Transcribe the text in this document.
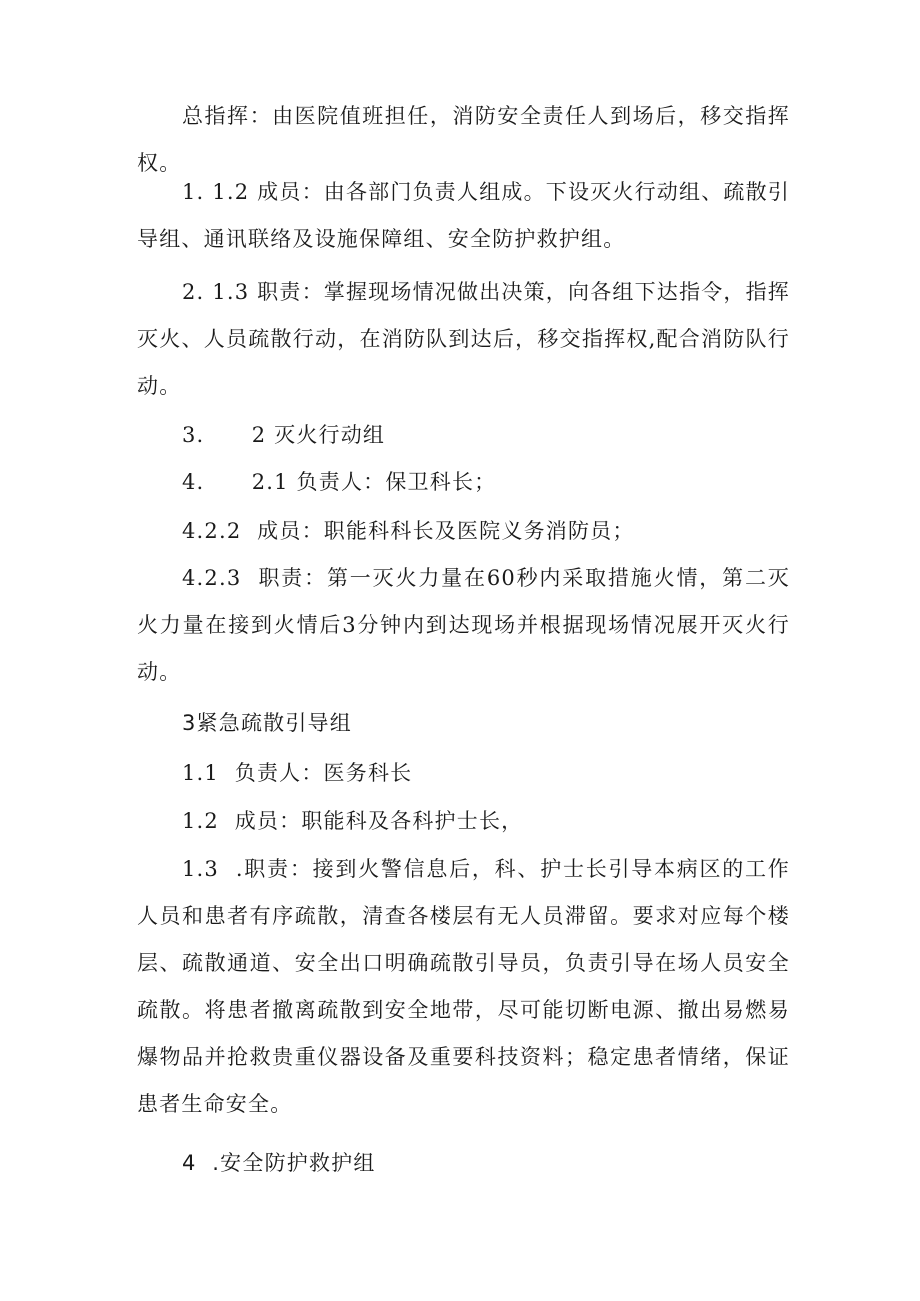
总指挥：由医院值班担任，消防安全责任人到场后，移交指挥权。

1. 1.2 成员：由各部门负责人组成。下设灭火行动组、疏散引导组、通讯联络及设施保障组、安全防护救护组。

2. 1.3 职责：掌握现场情况做出决策，向各组下达指令，指挥灭火、人员疏散行动，在消防队到达后，移交指挥权,配合消防队行动。

3.      2 灭火行动组

4.      2.1 负责人：保卫科长；

4.2.2  成员：职能科科长及医院义务消防员；

4.2.3  职责：第一灭火力量在60秒内采取措施火情，第二灭火力量在接到火情后3分钟内到达现场并根据现场情况展开灭火行动。

3紧急疏散引导组

1.1  负责人：医务科长

1.2  成员：职能科及各科护士长，

1.3  .职责：接到火警信息后，科、护士长引导本病区的工作人员和患者有序疏散，清查各楼层有无人员滞留。要求对应每个楼层、疏散通道、安全出口明确疏散引导员，负责引导在场人员安全疏散。将患者撤离疏散到安全地带，尽可能切断电源、撤出易燃易爆物品并抢救贵重仪器设备及重要科技资料；稳定患者情绪，保证患者生命安全。

4  .安全防护救护组
